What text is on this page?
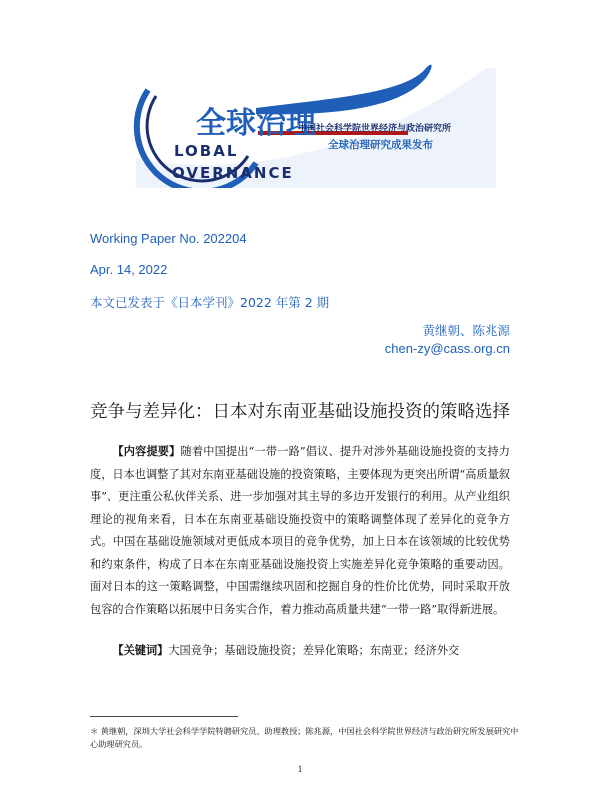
全球治理
中国社会科学院世界经济与政治研究所
全球治理研究成果发布
LOBAL
OVERNANCE
Working Paper No. 202204
Apr. 14, 2022
本文已发表于《日本学刊》2022 年第 2 期
黄继朝、陈兆源
chen-zy@cass.org.cn
竞争与差异化：日本对东南亚基础设施投资的策略选择

【内容提要】随着中国提出“一带一路”倡议、提升对涉外基础设施投资的支持力度，日本也调整了其对东南亚基础设施的投资策略，主要体现为更突出所谓“高质量叙事”、更注重公私伙伴关系、进一步加强对其主导的多边开发银行的利用。从产业组织理论的视角来看，日本在东南亚基础设施投资中的策略调整体现了差异化的竞争方式。中国在基础设施领域对更低成本项目的竞争优势，加上日本在该领域的比较优势和约束条件，构成了日本在东南亚基础设施投资上实施差异化竞争策略的重要动因。面对日本的这一策略调整，中国需继续巩固和挖掘自身的性价比优势，同时采取开放包容的合作策略以拓展中日务实合作，着力推动高质量共建“一带一路”取得新进展。

【关键词】大国竞争；基础设施投资；差异化策略；东南亚；经济外交

＊ 黄继朝，深圳大学社会科学学院特聘研究员、助理教授；陈兆源，中国社会科学院世界经济与政治研究所发展研究中心助理研究员。

1
